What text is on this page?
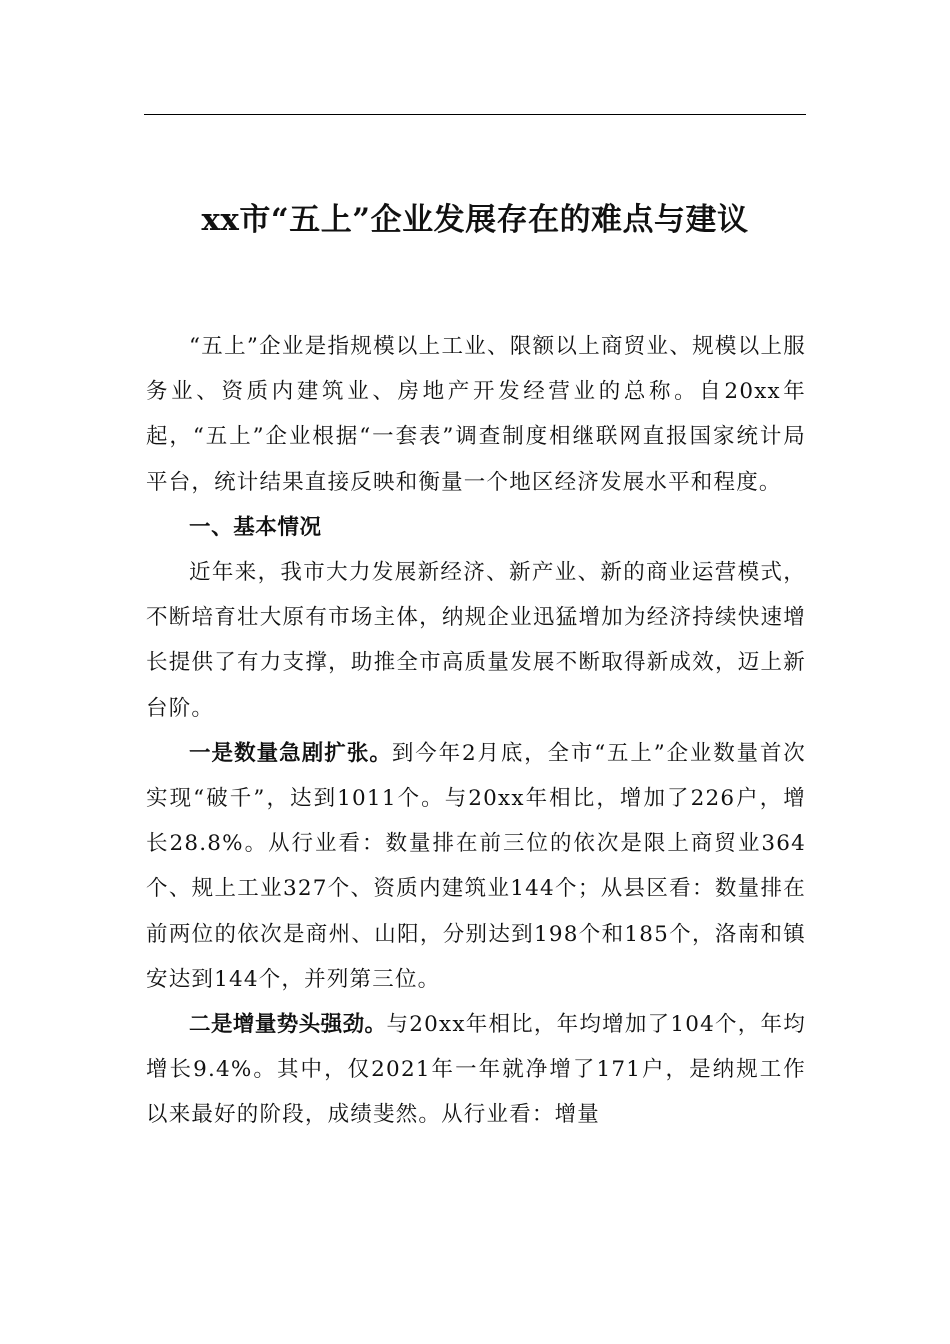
xx市“五上”企业发展存在的难点与建议

“五上”企业是指规模以上工业、限额以上商贸业、规模以上服务业、资质内建筑业、房地产开发经营业的总称。自20xx年起，“五上”企业根据“一套表”调查制度相继联网直报国家统计局平台，统计结果直接反映和衡量一个地区经济发展水平和程度。

一、基本情况

近年来，我市大力发展新经济、新产业、新的商业运营模式，不断培育壮大原有市场主体，纳规企业迅猛增加为经济持续快速增长提供了有力支撑，助推全市高质量发展不断取得新成效，迈上新台阶。

一是数量急剧扩张。到今年2月底，全市“五上”企业数量首次实现“破千”，达到1011个。与20xx年相比，增加了226户，增长28.8%。从行业看：数量排在前三位的依次是限上商贸业364个、规上工业327个、资质内建筑业144个；从县区看：数量排在前两位的依次是商州、山阳，分别达到198个和185个，洛南和镇安达到144个，并列第三位。

二是增量势头强劲。与20xx年相比，年均增加了104个，年均增长9.4%。其中，仅2021年一年就净增了171户，是纳规工作以来最好的阶段，成绩斐然。从行业看：增量
